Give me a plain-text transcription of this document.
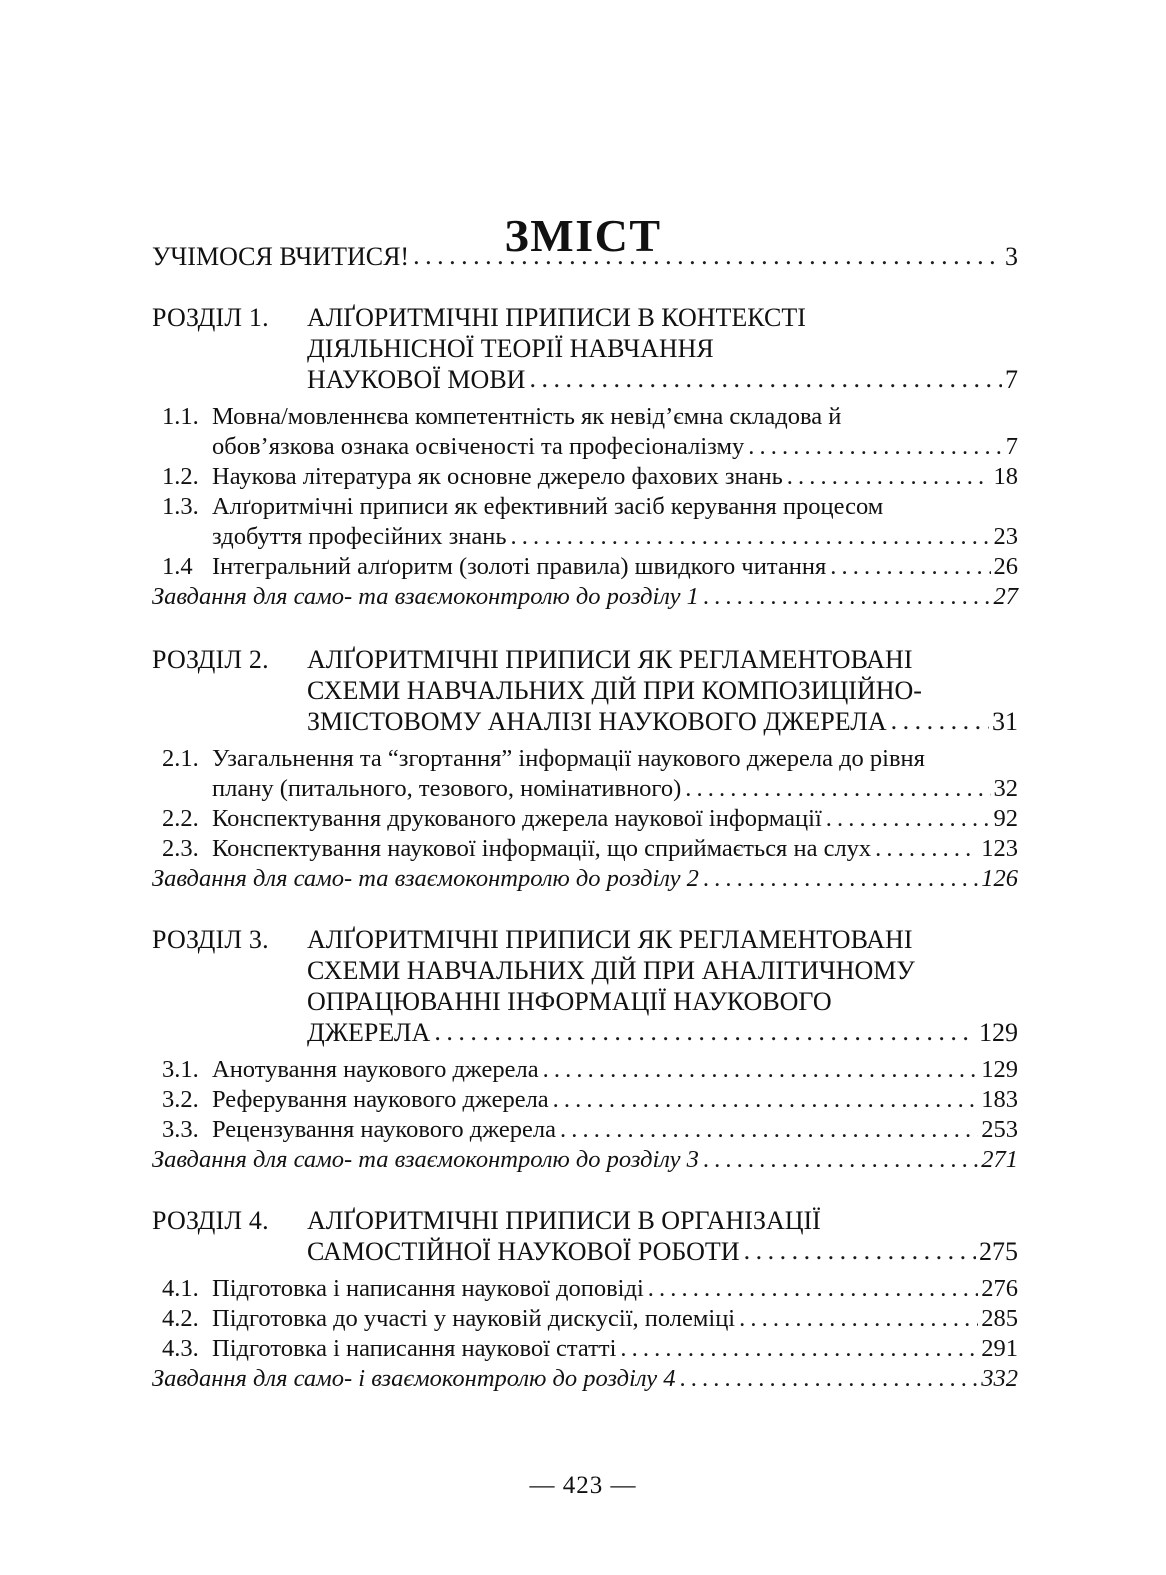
ЗМІСТ
УЧІМОСЯ ВЧИТИСЯ! . . .	3
РОЗДІЛ 1.	АЛҐОРИТМІЧНІ ПРИПИСИ В КОНТЕКСТІ
ДІЯЛЬНІСНОЇ ТЕОРІЇ НАВЧАННЯ
НАУКОВОЇ МОВИ . . .	7
1.1. Мовна/мовленнєва компетентність як невід’ємна складова й
обов’язкова ознака освіченості та професіоналізму . . .	7
1.2. Наукова література як основне джерело фахових знань . . .	18
1.3. Алґоритмічні приписи як ефективний засіб керування процесом
здобуття професійних знань . . .	23
1.4 Інтегральний алґоритм (золоті правила) швидкого читання . . .	26
Завдання для само- та взаємоконтролю до розділу 1 . . .	27
РОЗДІЛ 2.	АЛҐОРИТМІЧНІ ПРИПИСИ ЯК РЕГЛАМЕНТОВАНІ
СХЕМИ НАВЧАЛЬНИХ ДІЙ ПРИ КОМПОЗИЦІЙНО-
ЗМІСТОВОМУ АНАЛІЗІ НАУКОВОГО ДЖЕРЕЛА . . .	31
2.1. Узагальнення та “згортання” інформації наукового джерела до рівня
плану (питального, тезового, номінативного) . . .	32
2.2. Конспектування друкованого джерела наукової інформації . . .	92
2.3. Конспектування наукової інформації, що сприймається на слух . . .	123
Завдання для само- та взаємоконтролю до розділу 2 . . .	126
РОЗДІЛ 3.	АЛҐОРИТМІЧНІ ПРИПИСИ ЯК РЕГЛАМЕНТОВАНІ
СХЕМИ НАВЧАЛЬНИХ ДІЙ ПРИ АНАЛІТИЧНОМУ
ОПРАЦЮВАННІ ІНФОРМАЦІЇ НАУКОВОГО
ДЖЕРЕЛА . . .	129
3.1. Анотування наукового джерела . . .	129
3.2. Реферування наукового джерела . . .	183
3.3. Рецензування наукового джерела . . .	253
Завдання для само- та взаємоконтролю до розділу 3 . . .	271
РОЗДІЛ 4.	АЛҐОРИТМІЧНІ ПРИПИСИ В ОРГАНІЗАЦІЇ
САМОСТІЙНОЇ НАУКОВОЇ РОБОТИ . . .	275
4.1. Підготовка і написання наукової доповіді . . .	276
4.2. Підготовка до участі у науковій дискусії, полеміці . . .	285
4.3. Підготовка і написання наукової статті . . .	291
Завдання для само- і взаємоконтролю до розділу 4 . . .	332
— 423 —
